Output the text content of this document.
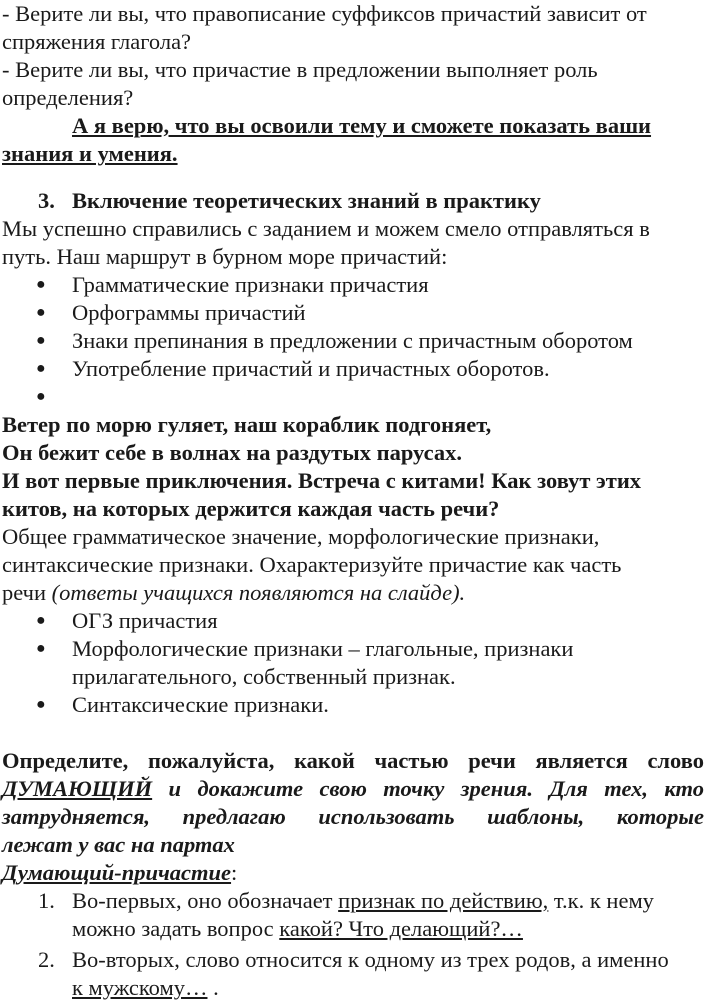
- Верите ли вы, что правописание суффиксов причастий зависит от
спряжения глагола?
- Верите ли вы, что причастие в предложении выполняет роль
определения?
А я верю, что вы освоили тему и сможете показать ваши
знания и умения.
3. Включение теоретических знаний в практику
Мы успешно справились с заданием и можем смело отправляться в
путь. Наш маршрут в бурном море причастий:
● Грамматические признаки причастия
● Орфограммы причастий
● Знаки препинания в предложении с причастным оборотом
● Употребление причастий и причастных оборотов.
●
Ветер по морю гуляет, наш кораблик подгоняет,
Он бежит себе в волнах на раздутых парусах.
И вот первые приключения. Встреча с китами! Как зовут этих
китов, на которых держится каждая часть речи?
Общее грамматическое значение, морфологические признаки,
синтаксические признаки. Охарактеризуйте причастие как часть
речи (ответы учащихся появляются на слайде).
● ОГЗ причастия
● Морфологические признаки – глагольные, признаки
прилагательного, собственный признак.
● Синтаксические признаки.
Определите, пожалуйста, какой частью речи является слово
ДУМАЮЩИЙ и докажите свою точку зрения. Для тех, кто
затрудняется, предлагаю использовать шаблоны, которые
лежат у вас на партах
Думающий-причастие:
1. Во-первых, оно обозначает признак по действию, т.к. к нему
можно задать вопрос какой? Что делающий?…
2. Во-вторых, слово относится к одному из трех родов, а именно
к мужскому… .
